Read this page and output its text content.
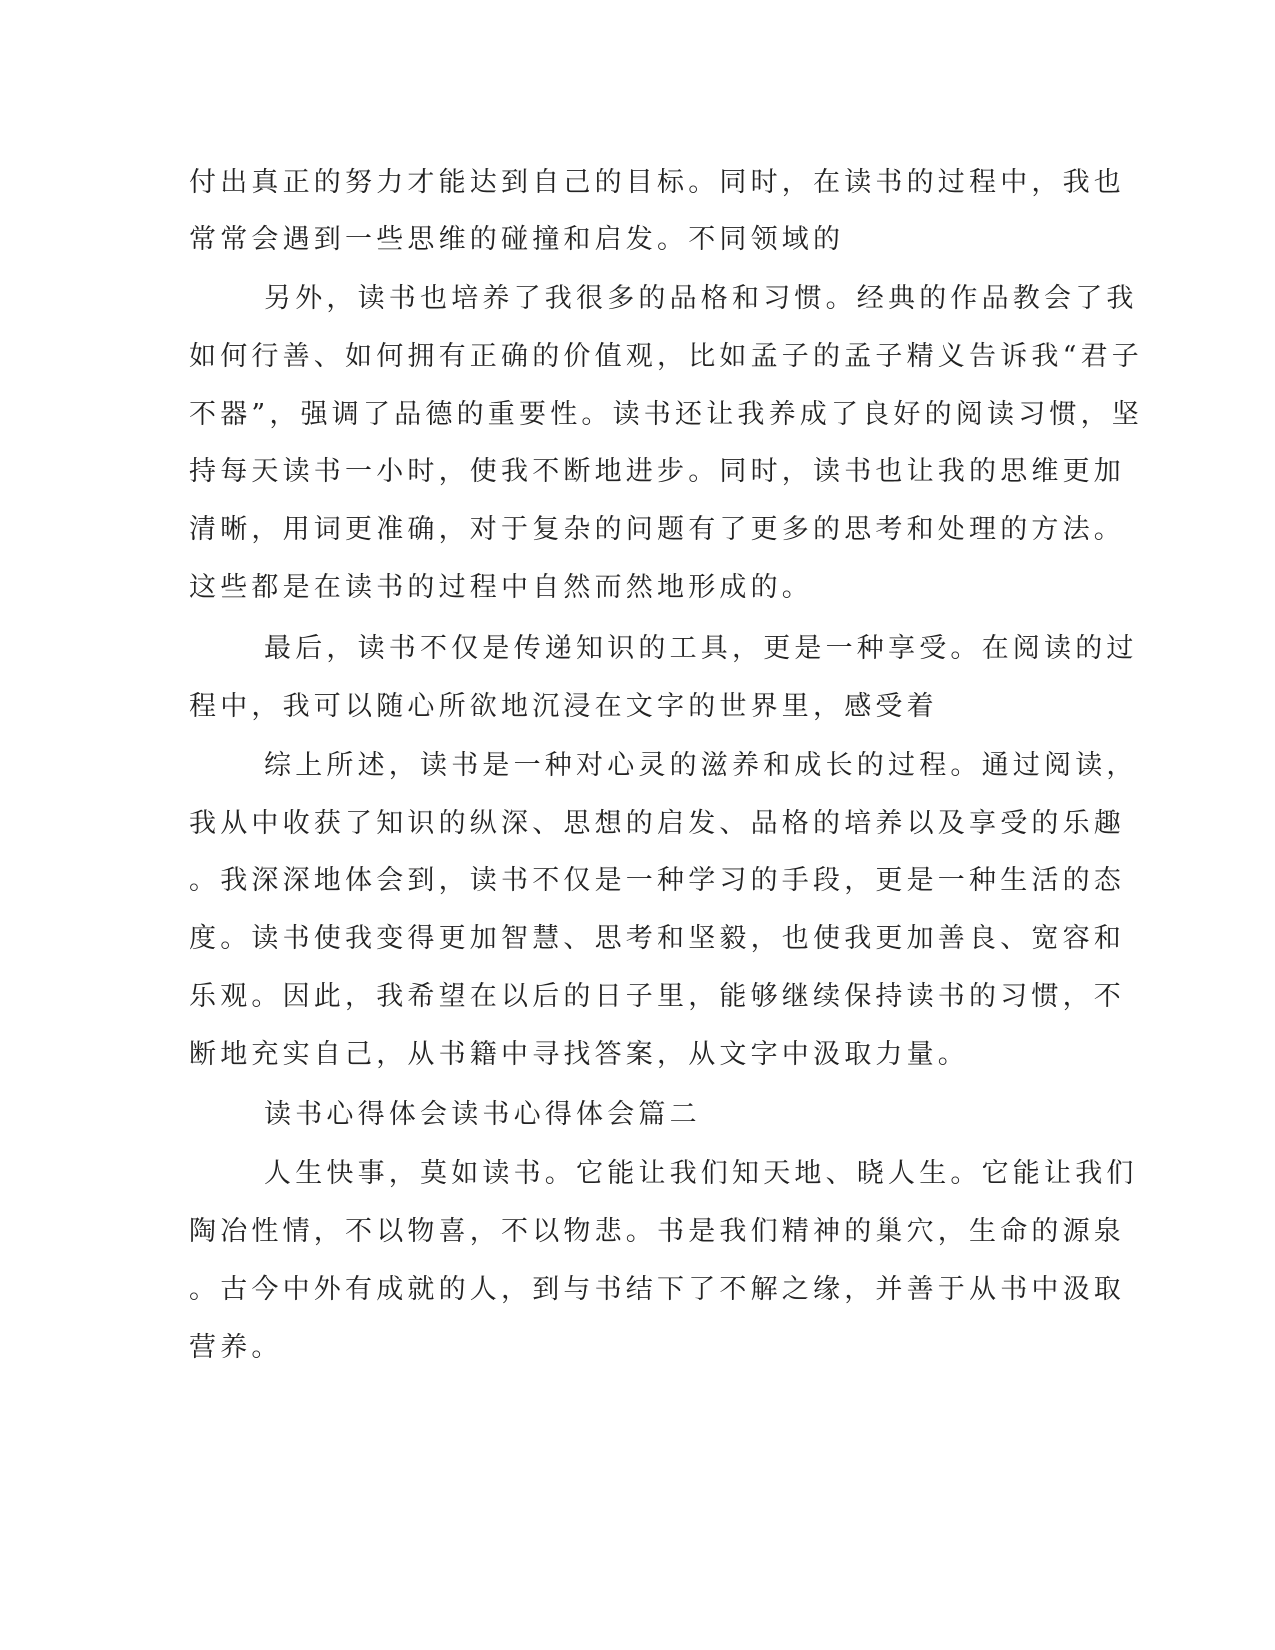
付出真正的努力才能达到自己的目标。同时，在读书的过程中，我也
常常会遇到一些思维的碰撞和启发。不同领域的
另外，读书也培养了我很多的品格和习惯。经典的作品教会了我
如何行善、如何拥有正确的价值观，比如孟子的孟子精义告诉我“君子
不器”，强调了品德的重要性。读书还让我养成了良好的阅读习惯，坚
持每天读书一小时，使我不断地进步。同时，读书也让我的思维更加
清晰，用词更准确，对于复杂的问题有了更多的思考和处理的方法。
这些都是在读书的过程中自然而然地形成的。
最后，读书不仅是传递知识的工具，更是一种享受。在阅读的过
程中，我可以随心所欲地沉浸在文字的世界里，感受着
综上所述，读书是一种对心灵的滋养和成长的过程。通过阅读，
我从中收获了知识的纵深、思想的启发、品格的培养以及享受的乐趣
。我深深地体会到，读书不仅是一种学习的手段，更是一种生活的态
度。读书使我变得更加智慧、思考和坚毅，也使我更加善良、宽容和
乐观。因此，我希望在以后的日子里，能够继续保持读书的习惯，不
断地充实自己，从书籍中寻找答案，从文字中汲取力量。
读书心得体会读书心得体会篇二
人生快事，莫如读书。它能让我们知天地、晓人生。它能让我们
陶冶性情，不以物喜，不以物悲。书是我们精神的巢穴，生命的源泉
。古今中外有成就的人，到与书结下了不解之缘，并善于从书中汲取
营养。
